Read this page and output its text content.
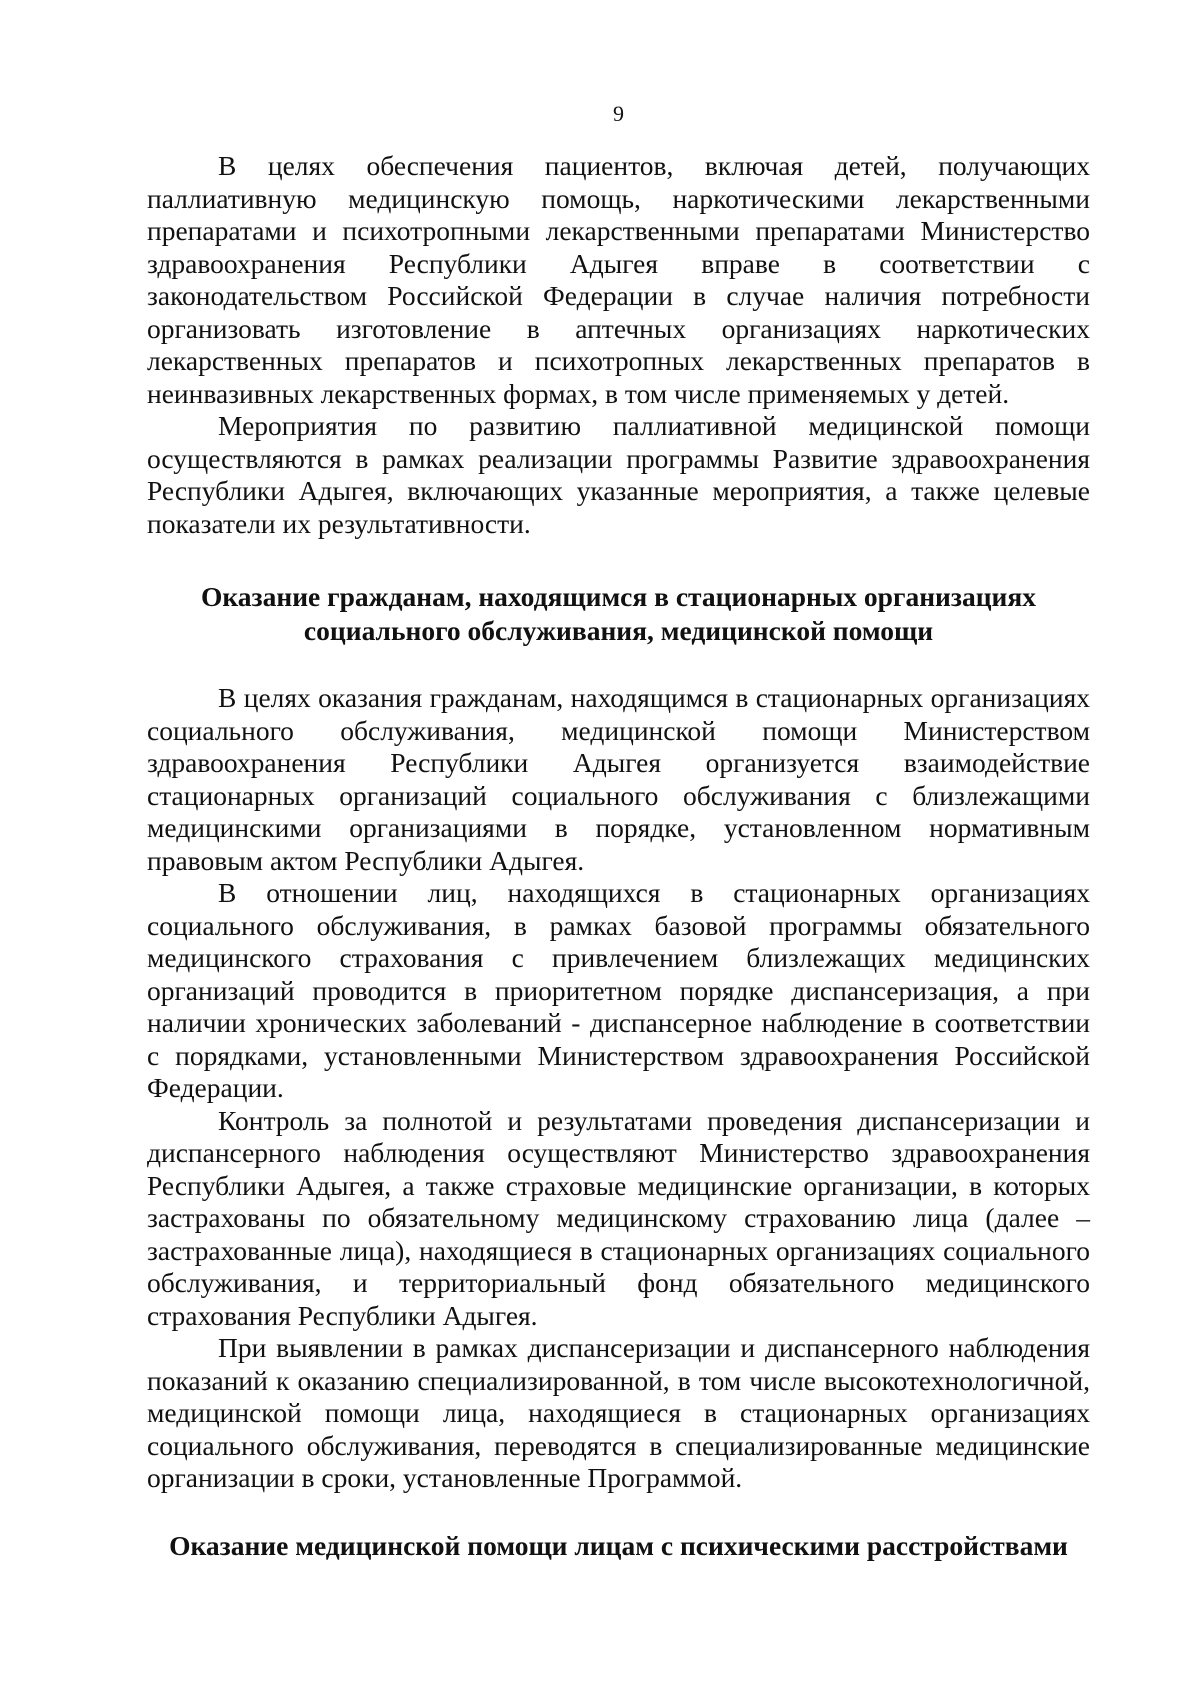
9

В целях обеспечения пациентов, включая детей, получающих паллиативную медицинскую помощь, наркотическими лекарственными препаратами и психотропными лекарственными препаратами Министерство здравоохранения Республики Адыгея вправе в соответствии с законодательством Российской Федерации в случае наличия потребности организовать изготовление в аптечных организациях наркотических лекарственных препаратов и психотропных лекарственных препаратов в неинвазивных лекарственных формах, в том числе применяемых у детей.

Мероприятия по развитию паллиативной медицинской помощи осуществляются в рамках реализации программы Развитие здравоохранения Республики Адыгея, включающих указанные мероприятия, а также целевые показатели их результативности.

Оказание гражданам, находящимся в стационарных организациях
социального обслуживания, медицинской помощи

В целях оказания гражданам, находящимся в стационарных организациях социального обслуживания, медицинской помощи Министерством здравоохранения Республики Адыгея организуется взаимодействие стационарных организаций социального обслуживания с близлежащими медицинскими организациями в порядке, установленном нормативным правовым актом Республики Адыгея.

В отношении лиц, находящихся в стационарных организациях социального обслуживания, в рамках базовой программы обязательного медицинского страхования с привлечением близлежащих медицинских организаций проводится в приоритетном порядке диспансеризация, а при наличии хронических заболеваний - диспансерное наблюдение в соответствии с порядками, установленными Министерством здравоохранения Российской Федерации.

Контроль за полнотой и результатами проведения диспансеризации и диспансерного наблюдения осуществляют Министерство здравоохранения Республики Адыгея, а также страховые медицинские организации, в которых застрахованы по обязательному медицинскому страхованию лица (далее – застрахованные лица), находящиеся в стационарных организациях социального обслуживания, и территориальный фонд обязательного медицинского страхования Республики Адыгея.

При выявлении в рамках диспансеризации и диспансерного наблюдения показаний к оказанию специализированной, в том числе высокотехнологичной, медицинской помощи лица, находящиеся в стационарных организациях социального обслуживания, переводятся в специализированные медицинские организации в сроки, установленные Программой.

Оказание медицинской помощи лицам с психическими расстройствами
